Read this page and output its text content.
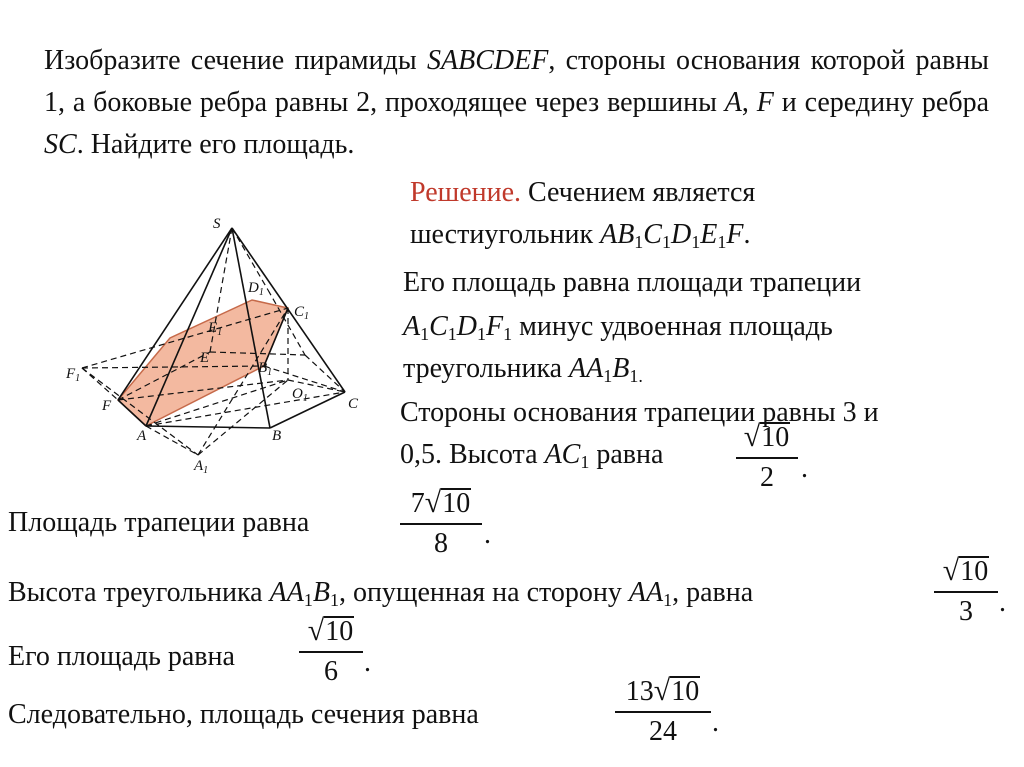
Изобразите сечение пирамиды SABCDEF, стороны основания которой равны 1, а боковые ребра равны 2, проходящее через вершины A, F и середину ребра SC. Найдите его площадь.
S
$D_1$
$C_1$
$E_1$
E
$F_1$
$B_1$
$O_1$	C
F
A	B
$A_1$
Решение. Сечением является
шестиугольник $AB_1C_1D_1E_1F$.
Его площадь равна площади трапеции
$A_1C_1D_1F_1$ минус удвоенная площадь
треугольника $AA_1B_{1.}$
Стороны основания трапеции равны 3 и
0,5. Высота $AC_1$ равна
√10
2 .
Площадь трапеции равна
7√10
8	.
Высота треугольника $AA_1B_1$, опущенная на сторону $AA_1$, равна
√10
3 .
Его площадь равна
√10
6 .
Следовательно, площадь сечения равна
13√10
24	.
